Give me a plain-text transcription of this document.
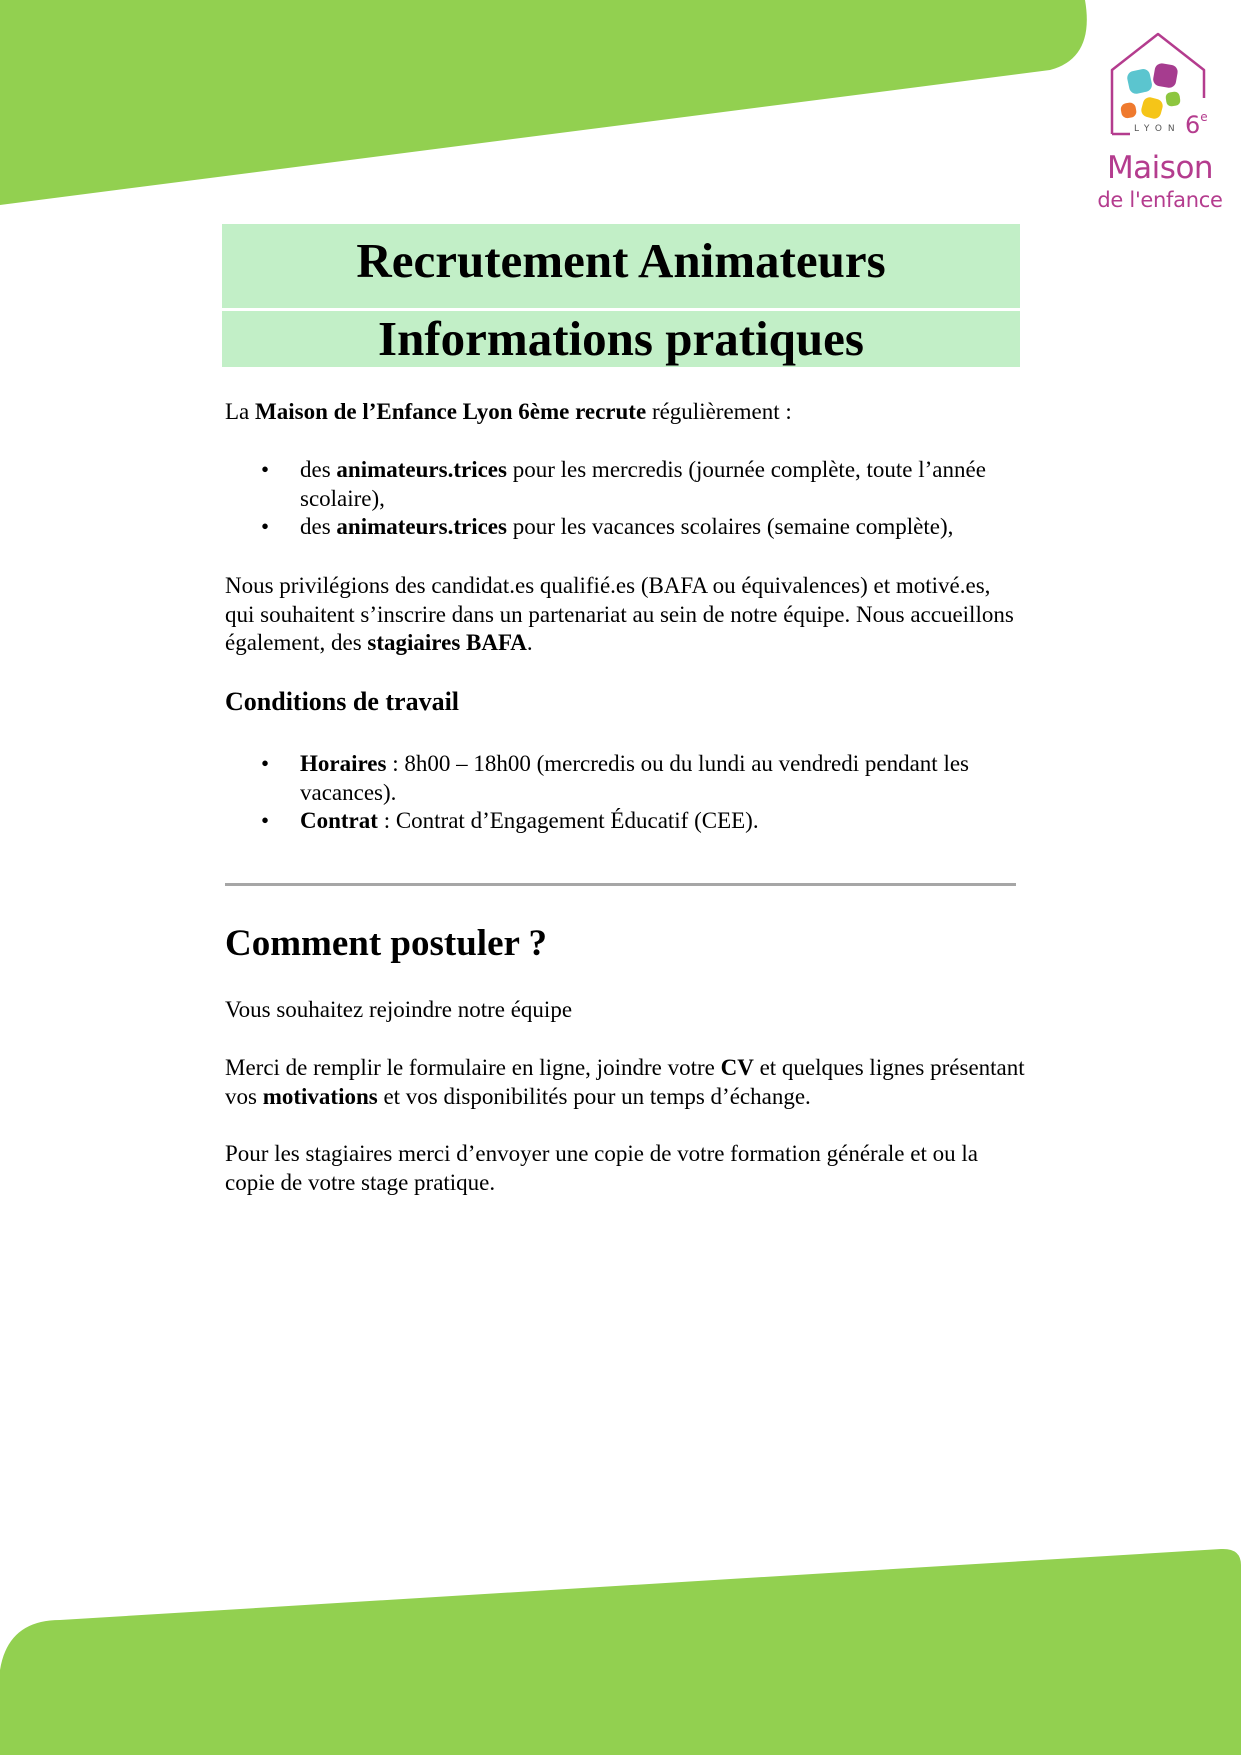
LYON 6e
Maison
de l'enfance
Recrutement Animateurs
Informations pratiques

La Maison de l’Enfance Lyon 6ème recrute régulièrement :

• des animateurs.trices pour les mercredis (journée complète, toute l’année scolaire),
• des animateurs.trices pour les vacances scolaires (semaine complète),

Nous privilégions des candidat.es qualifié.es (BAFA ou équivalences) et motivé.es, qui souhaitent s’inscrire dans un partenariat au sein de notre équipe. Nous accueillons également, des stagiaires BAFA.

Conditions de travail
• Horaires : 8h00 – 18h00 (mercredis ou du lundi au vendredi pendant les vacances).
• Contrat : Contrat d’Engagement Éducatif (CEE).
Comment postuler ?

Vous souhaitez rejoindre notre équipe

Merci de remplir le formulaire en ligne, joindre votre CV et quelques lignes présentant vos motivations et vos disponibilités pour un temps d’échange.

Pour les stagiaires merci d’envoyer une copie de votre formation générale et ou la copie de votre stage pratique.
